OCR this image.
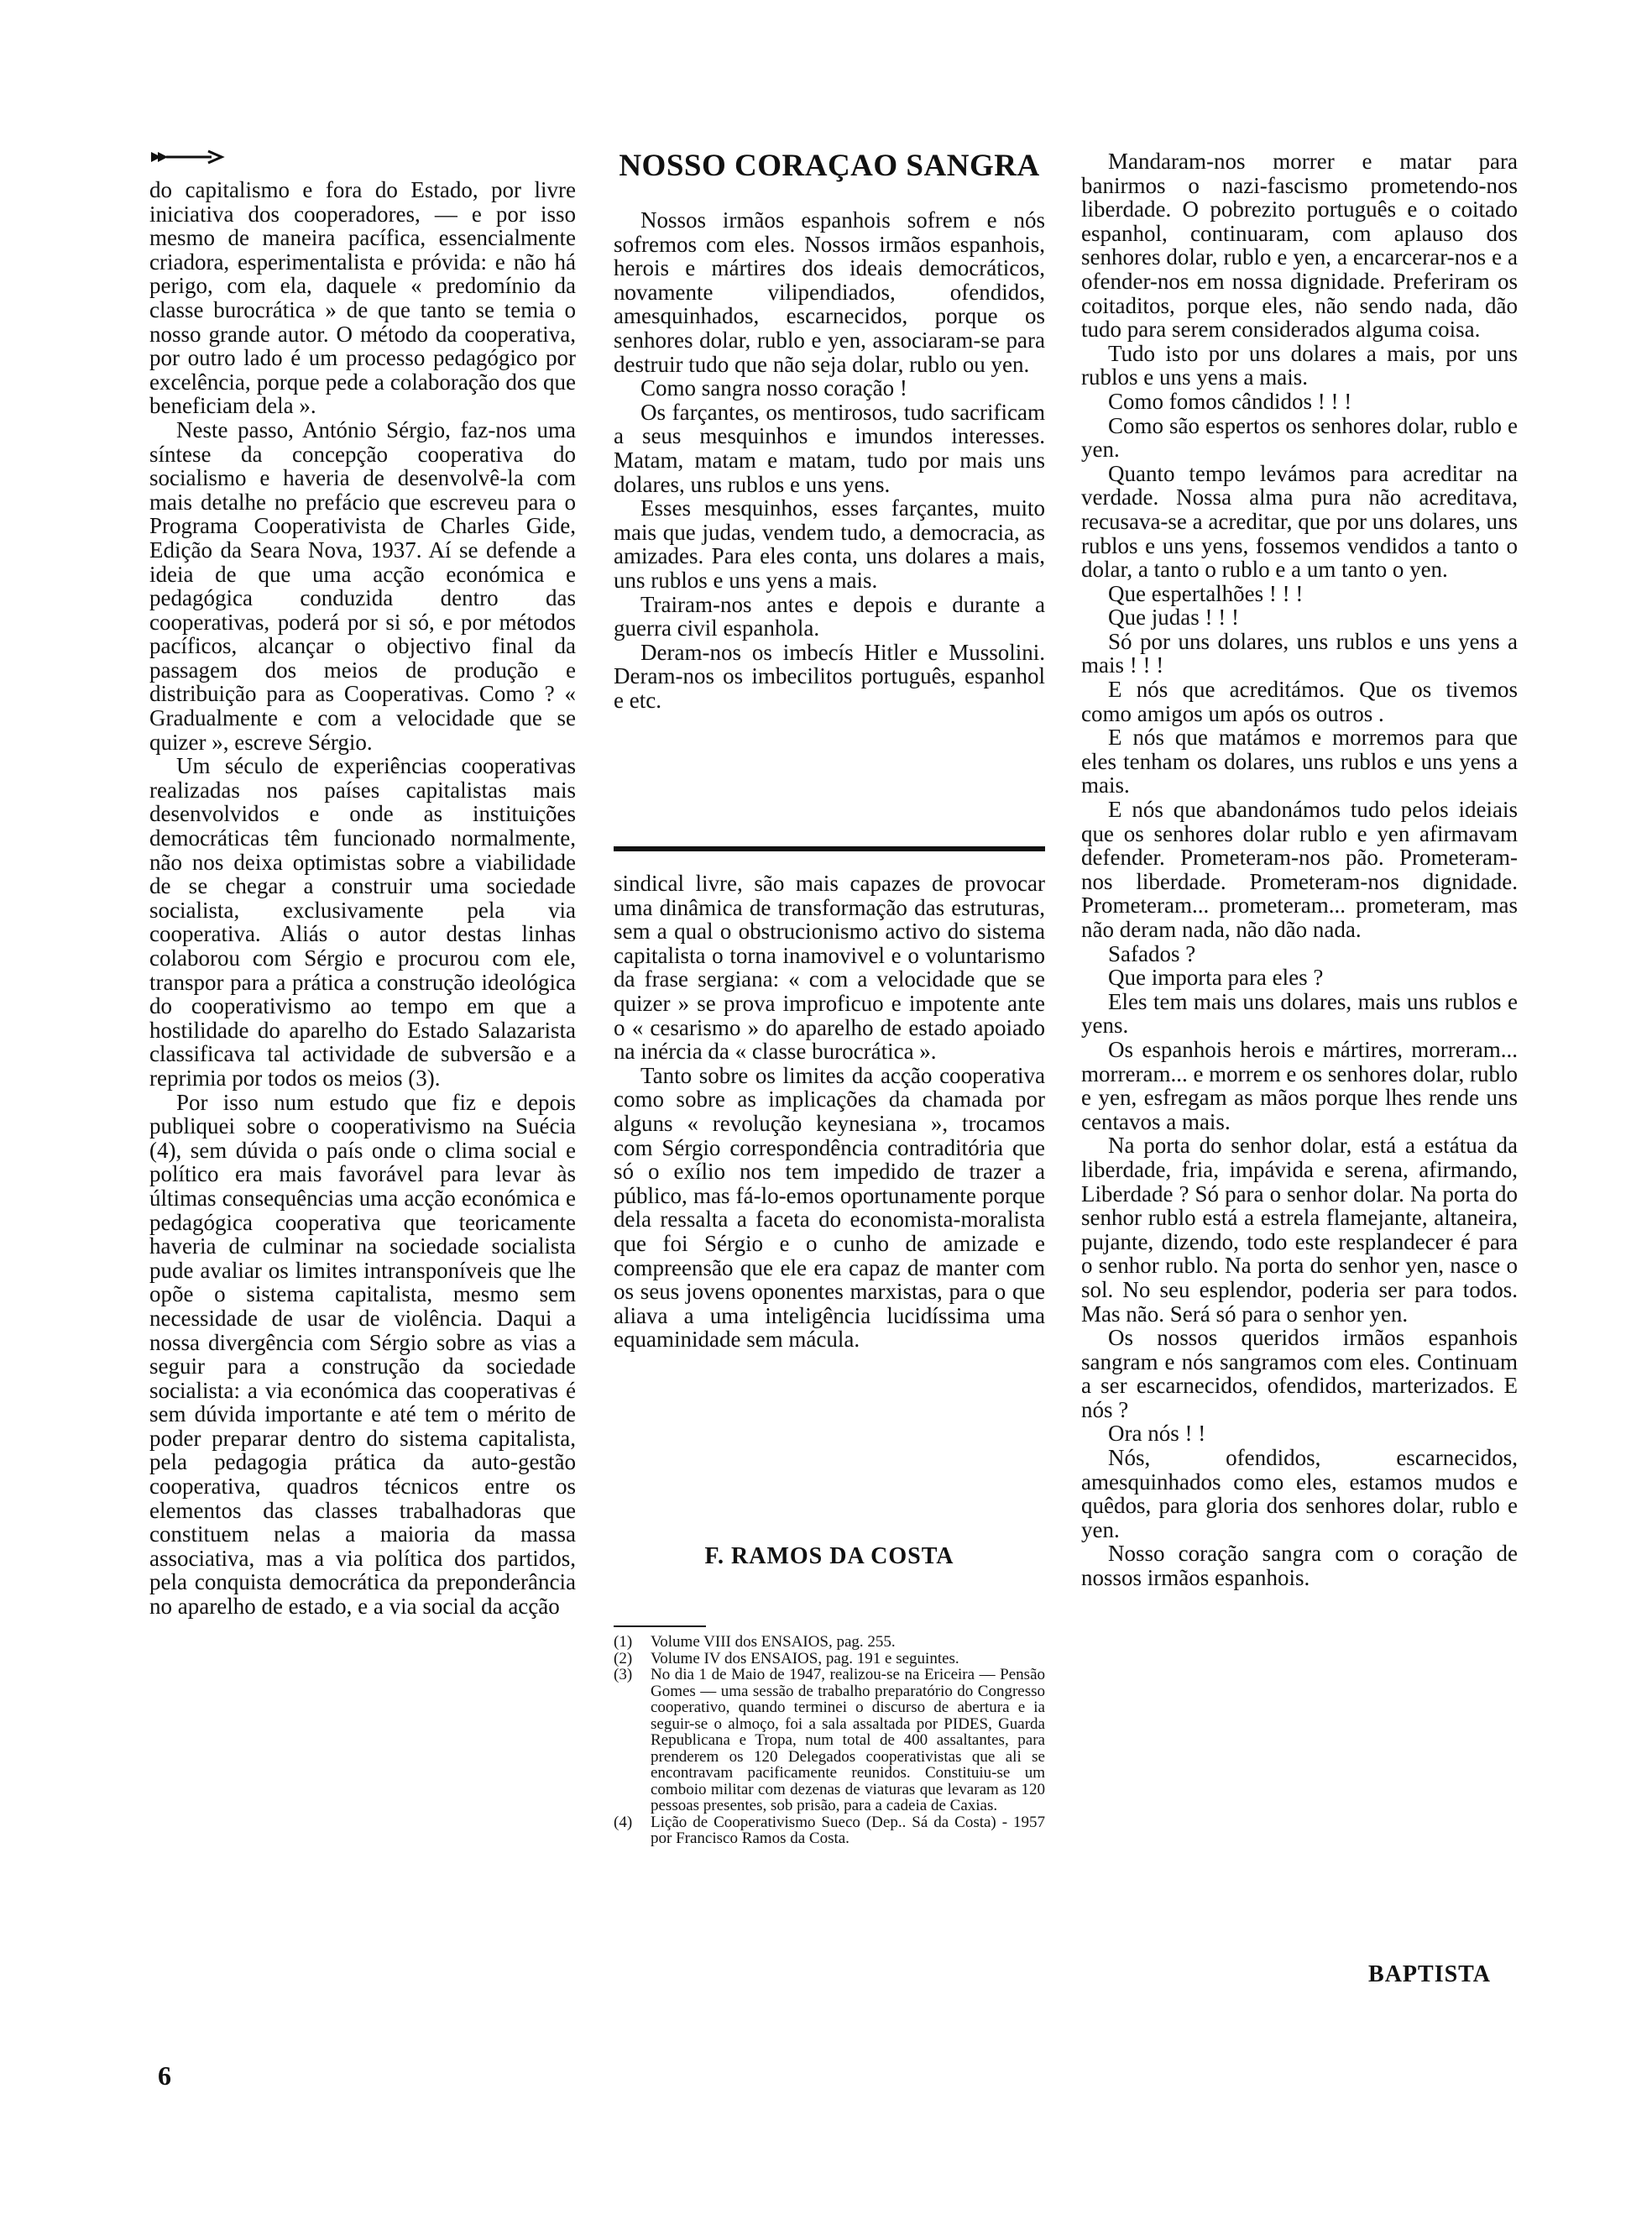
do capitalismo e fora do Estado, por livre iniciativa dos cooperadores, — e por isso mesmo de maneira pacífica, essencialmente criadora, esperimentalista e próvida: e não há perigo, com ela, daquele « predomínio da classe burocrática » de que tanto se temia o nosso grande autor. O método da cooperativa, por outro lado é um processo pedagógico por excelência, porque pede a colaboração dos que beneficiam dela ».

Neste passo, António Sérgio, faz-nos uma síntese da concepção cooperativa do socialismo e haveria de desenvolvê-la com mais detalhe no prefácio que escreveu para o Programa Cooperativista de Charles Gide, Edição da Seara Nova, 1937. Aí se defende a ideia de que uma acção económica e pedagógica conduzida dentro das cooperativas, poderá por si só, e por métodos pacíficos, alcançar o objectivo final da passagem dos meios de produção e distribuição para as Cooperativas. Como ? « Gradualmente e com a velocidade que se quizer », escreve Sérgio.

Um século de experiências cooperativas realizadas nos países capitalistas mais desenvolvidos e onde as instituições democráticas têm funcionado normalmente, não nos deixa optimistas sobre a viabilidade de se chegar a construir uma sociedade socialista, exclusivamente pela via cooperativa. Aliás o autor destas linhas colaborou com Sérgio e procurou com ele, transpor para a prática a construção ideológica do cooperativismo ao tempo em que a hostilidade do aparelho do Estado Salazarista classificava tal actividade de subversão e a reprimia por todos os meios (3).

Por isso num estudo que fiz e depois publiquei sobre o cooperativismo na Suécia (4), sem dúvida o país onde o clima social e político era mais favorável para levar às últimas consequências uma acção económica e pedagógica cooperativa que teoricamente haveria de culminar na sociedade socialista pude avaliar os limites intransponíveis que lhe opõe o sistema capitalista, mesmo sem necessidade de usar de violência. Daqui a nossa divergência com Sérgio sobre as vias a seguir para a construção da sociedade socialista: a via económica das cooperativas é sem dúvida importante e até tem o mérito de poder preparar dentro do sistema capitalista, pela pedagogia prática da auto-gestão cooperativa, quadros técnicos entre os elementos das classes trabalhadoras que constituem nelas a maioria da massa associativa, mas a via política dos partidos, pela conquista democrática da preponderância no aparelho de estado, e a via social da acção

NOSSO CORAÇAO SANGRA

Nossos irmãos espanhois sofrem e nós sofremos com eles. Nossos irmãos espanhois, herois e mártires dos ideais democráticos, novamente vilipendiados, ofendidos, amesquinhados, escarnecidos, porque os senhores dolar, rublo e yen, associaram-se para destruir tudo que não seja dolar, rublo ou yen.

Como sangra nosso coração !

Os farçantes, os mentirosos, tudo sacrificam a seus mesquinhos e imundos interesses. Matam, matam e matam, tudo por mais uns dolares, uns rublos e uns yens.

Esses mesquinhos, esses farçantes, muito mais que judas, vendem tudo, a democracia, as amizades. Para eles conta, uns dolares a mais, uns rublos e uns yens a mais.

Trairam-nos antes e depois e durante a guerra civil espanhola.

Deram-nos os imbecís Hitler e Mussolini. Deram-nos os imbecilitos português, espanhol e etc.

sindical livre, são mais capazes de provocar uma dinâmica de transformação das estruturas, sem a qual o obstrucionismo activo do sistema capitalista o torna inamovivel e o voluntarismo da frase sergiana: « com a velocidade que se quizer » se prova improficuo e impotente ante o « cesarismo » do aparelho de estado apoiado na inércia da « classe burocrática ».

Tanto sobre os limites da acção cooperativa como sobre as implicações da chamada por alguns « revolução keynesiana », trocamos com Sérgio correspondência contraditória que só o exílio nos tem impedido de trazer a público, mas fá-lo-emos oportunamente porque dela ressalta a faceta do economista-moralista que foi Sérgio e o cunho de amizade e compreensão que ele era capaz de manter com os seus jovens oponentes marxistas, para o que aliava a uma inteligência lucidíssima uma equaminidade sem mácula.

F. RAMOS DA COSTA
(1)	Volume VIII dos ENSAIOS, pag. 255.
(2)	Volume IV dos ENSAIOS, pag. 191 e seguintes.
(3)	No dia 1 de Maio de 1947, realizou-se na Ericeira — Pensão Gomes — uma sessão de trabalho preparatório do Congresso cooperativo, quando terminei o discurso de abertura e ia seguir-se o almoço, foi a sala assaltada por PIDES, Guarda Republicana e Tropa, num total de 400 assaltantes, para prenderem os 120 Delegados cooperativistas que ali se encontravam pacificamente reunidos. Constituiu-se um comboio militar com dezenas de viaturas que levaram as 120 pessoas presentes, sob prisão, para a cadeia de Caxias.
(4)	Lição de Cooperativismo Sueco (Dep.. Sá da Costa) - 1957 por Francisco Ramos da Costa.

Mandaram-nos morrer e matar para banirmos o nazi-fascismo prometendo-nos liberdade. O pobrezito português e o coitado espanhol, continuaram, com aplauso dos senhores dolar, rublo e yen, a encarcerar-nos e a ofender-nos em nossa dignidade. Preferiram os coitaditos, porque eles, não sendo nada, dão tudo para serem considerados alguma coisa.

Tudo isto por uns dolares a mais, por uns rublos e uns yens a mais.

Como fomos cândidos ! ! !

Como são espertos os senhores dolar, rublo e yen.

Quanto tempo levámos para acreditar na verdade. Nossa alma pura não acreditava, recusava-se a acreditar, que por uns dolares, uns rublos e uns yens, fossemos vendidos a tanto o dolar, a tanto o rublo e a um tanto o yen.

Que espertalhões ! ! !

Que judas ! ! !

Só por uns dolares, uns rublos e uns yens a mais ! ! !

E nós que acreditámos. Que os tivemos como amigos um após os outros .

E nós que matámos e morremos para que eles tenham os dolares, uns rublos e uns yens a mais.

E nós que abandonámos tudo pelos ideiais que os senhores dolar rublo e yen afirmavam defender. Prometeram-nos pão. Prometeram-nos liberdade. Prometeram-nos dignidade. Prometeram... prometeram... prometeram, mas não deram nada, não dão nada.

Safados ?

Que importa para eles ?

Eles tem mais uns dolares, mais uns rublos e yens.

Os espanhois herois e mártires, morreram... morreram... e morrem e os senhores dolar, rublo e yen, esfregam as mãos porque lhes rende uns centavos a mais.

Na porta do senhor dolar, está a estátua da liberdade, fria, impávida e serena, afirmando, Liberdade ? Só para o senhor dolar. Na porta do senhor rublo está a estrela flamejante, altaneira, pujante, dizendo, todo este resplandecer é para o senhor rublo. Na porta do senhor yen, nasce o sol. No seu esplendor, poderia ser para todos. Mas não. Será só para o senhor yen.

Os nossos queridos irmãos espanhois sangram e nós sangramos com eles. Continuam a ser escarnecidos, ofendidos, marterizados. E nós ?

Ora nós ! !

Nós, ofendidos, escarnecidos, amesquinhados como eles, estamos mudos e quêdos, para gloria dos senhores dolar, rublo e yen.

Nosso coração sangra com o coração de nossos irmãos espanhois.

BAPTISTA
6
